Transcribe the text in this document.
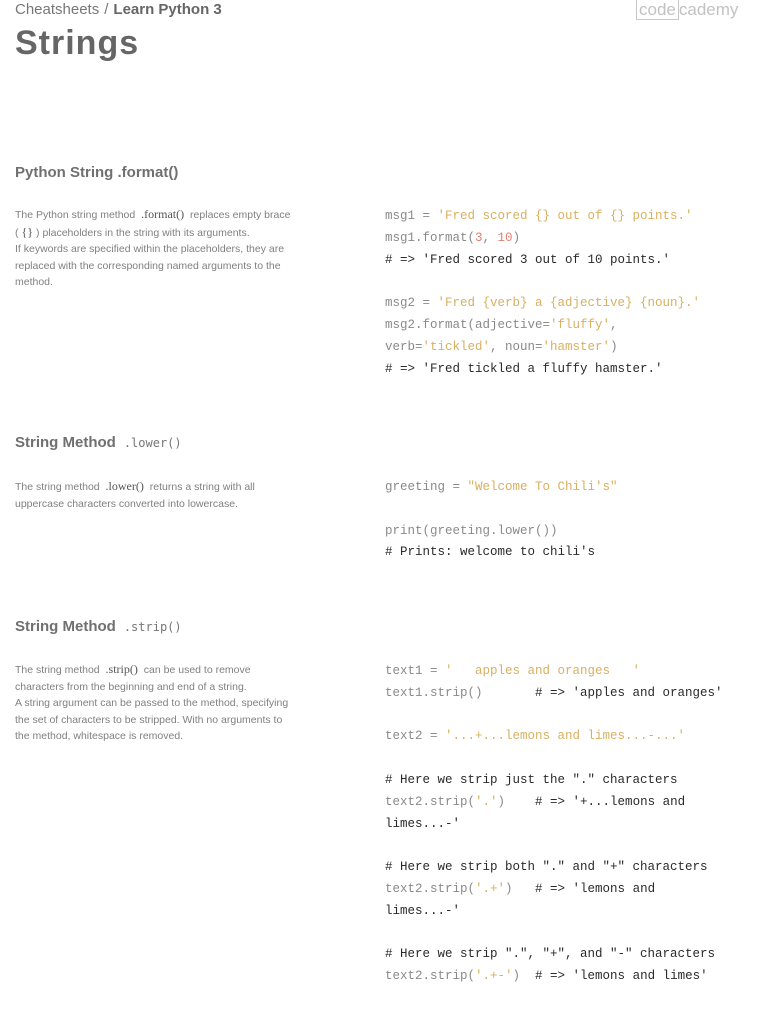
Cheatsheets / Learn Python 3	code cademy
Strings
Python String .format()

The Python string method .format() replaces empty brace

( {} ) placeholders in the string with its arguments.

If keywords are specified within the placeholders, they are

replaced with the corresponding named arguments to the

method.

msg1 = 'Fred scored {} out of {} points.'
msg1.format(3, 10)
# => 'Fred scored 3 out of 10 points.'

msg2 = 'Fred {verb} a {adjective} {noun}.'
msg2.format(adjective='fluffy',
verb='tickled', noun='hamster')
# => 'Fred tickled a fluffy hamster.'
String Method .lower()

The string method .lower() returns a string with all

uppercase characters converted into lowercase.

greeting = "Welcome To Chili's"

print(greeting.lower())
# Prints: welcome to chili's
String Method .strip()

The string method .strip() can be used to remove

characters from the beginning and end of a string.

A string argument can be passed to the method, specifying

the set of characters to be stripped. With no arguments to

the method, whitespace is removed.

text1 = '   apples and oranges   '
text1.strip()       # => 'apples and oranges'

text2 = '...+...lemons and limes...-...'

# Here we strip just the "." characters
text2.strip('.')    # => '+...lemons and
limes...-'

# Here we strip both "." and "+" characters
text2.strip('.+')   # => 'lemons and
limes...-'

# Here we strip ".", "+", and "-" characters
text2.strip('.+-')  # => 'lemons and limes'
